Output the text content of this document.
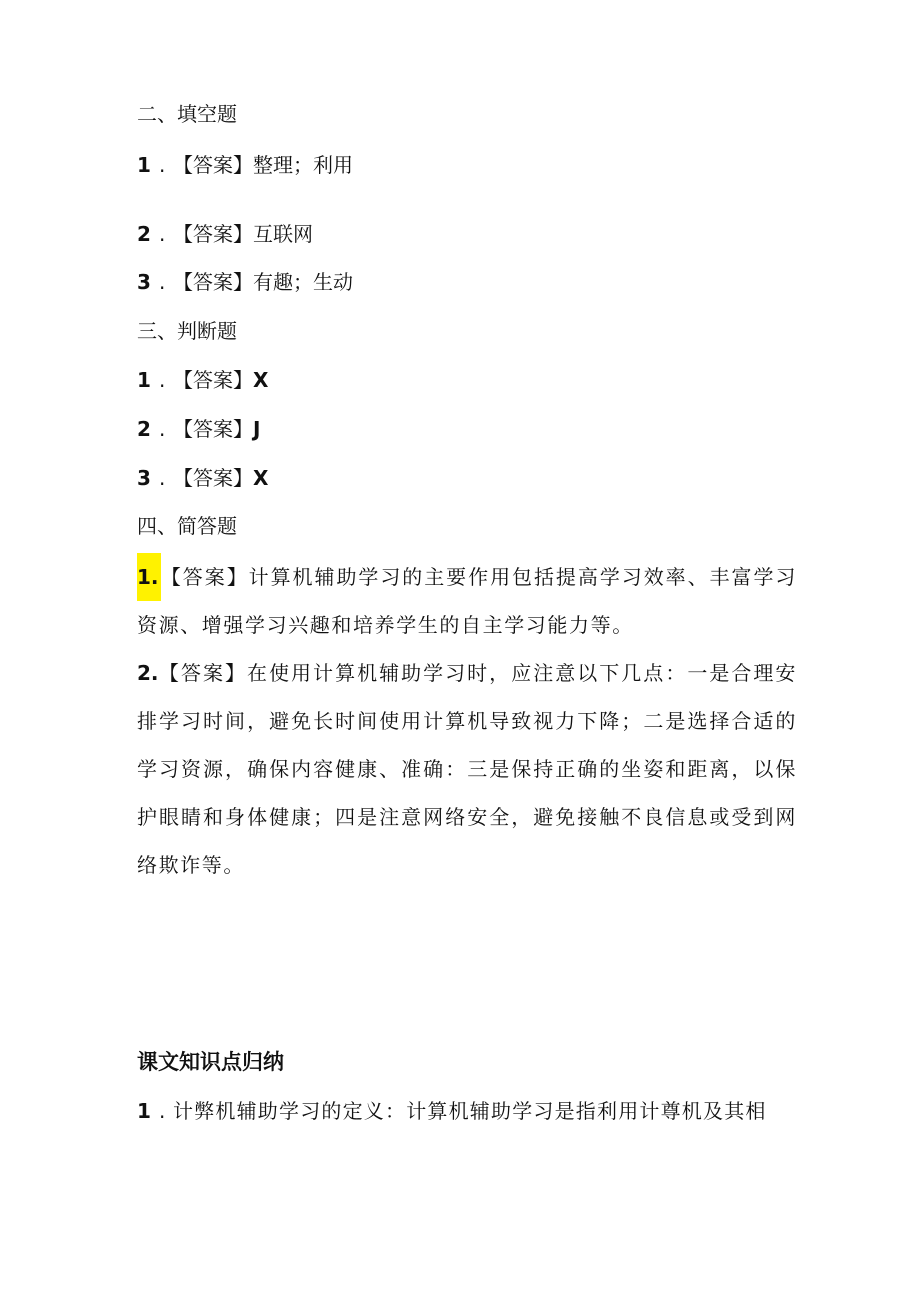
二、填空题
1 . 【答案】整理；利用
2 . 【答案】互联网
3 . 【答案】有趣；生动
三、判断题
1 . 【答案】X
2 . 【答案】J
3 . 【答案】X
四、简答题
1. 【答案】计算机辅助学习的主要作用包括提高学习效率、丰富学习资源、增强学习兴趣和培养学生的自主学习能力等。
2.【答案】在使用计算机辅助学习时，应注意以下几点：一是合理安排学习时间，避免长时间使用计算机导致视力下降；二是选择合适的学习资源，确保内容健康、准确：三是保持正确的坐姿和距离，以保护眼睛和身体健康；四是注意网络安全，避免接触不良信息或受到网络欺诈等。
课文知识点归纳
1 . 计弊机辅助学习的定义：计算机辅助学习是指利用计尊机及其相
